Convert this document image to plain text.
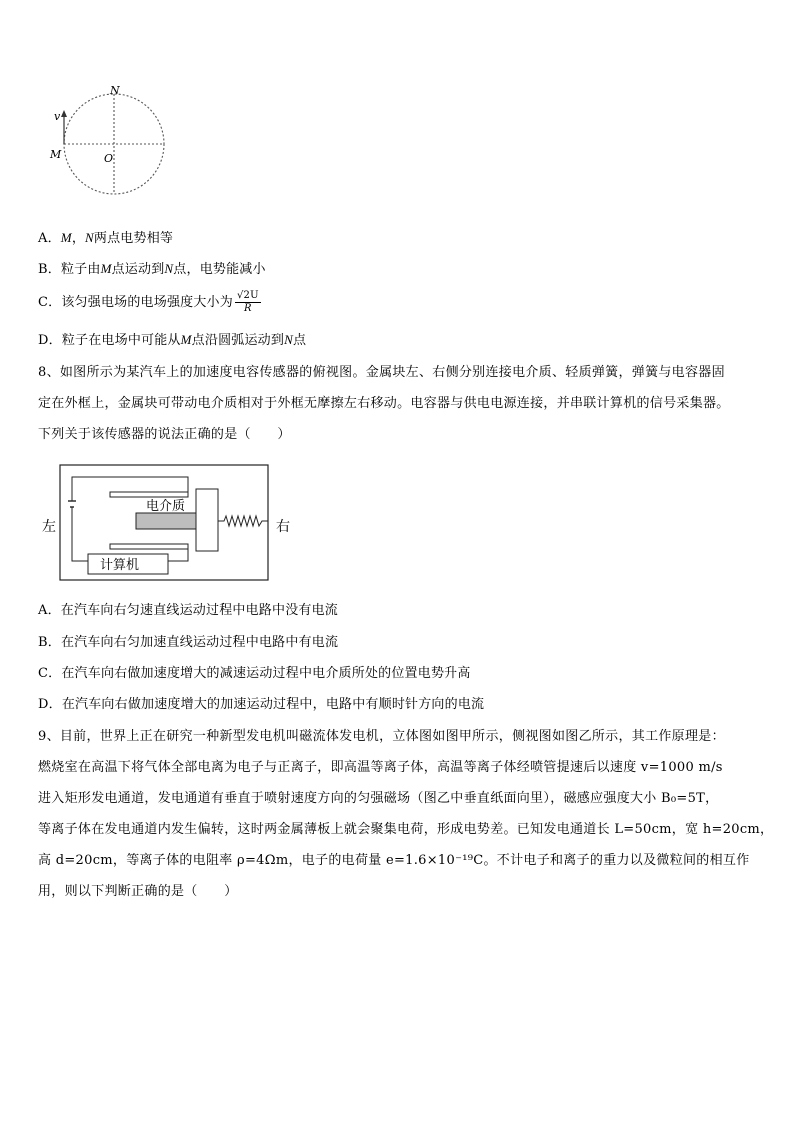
v
N
M	O
A．M，N两点电势相等
B．粒子由M点运动到N点，电势能减小
C．该匀强电场的电场强度大小为 $\frac{√2U}{R}$
D．粒子在电场中可能从M点沿圆弧运动到N点
8、如图所示为某汽车上的加速度电容传感器的俯视图。金属块左、右侧分别连接电介质、轻质弹簧，弹簧与电容器固
定在外框上，金属块可带动电介质相对于外框无摩擦左右移动。电容器与供电电源连接，并串联计算机的信号采集器。
下列关于该传感器的说法正确的是（　　）
电介质
计算机
左	右
A．在汽车向右匀速直线运动过程中电路中没有电流
B．在汽车向右匀加速直线运动过程中电路中有电流
C．在汽车向右做加速度增大的减速运动过程中电介质所处的位置电势升高
D．在汽车向右做加速度增大的加速运动过程中，电路中有顺时针方向的电流
9、目前，世界上正在研究一种新型发电机叫磁流体发电机，立体图如图甲所示，侧视图如图乙所示，其工作原理是：
燃烧室在高温下将气体全部电离为电子与正离子，即高温等离子体，高温等离子体经喷管提速后以速度 v=1000 m/s
进入矩形发电通道，发电通道有垂直于喷射速度方向的匀强磁场（图乙中垂直纸面向里），磁感应强度大小 B₀=5T，
等离子体在发电通道内发生偏转，这时两金属薄板上就会聚集电荷，形成电势差。已知发电通道长 L=50cm，宽 h=20cm，
高 d=20cm，等离子体的电阻率 ρ=4Ωm，电子的电荷量 e=1.6×10⁻¹⁹C。不计电子和离子的重力以及微粒间的相互作
用，则以下判断正确的是（　　）
